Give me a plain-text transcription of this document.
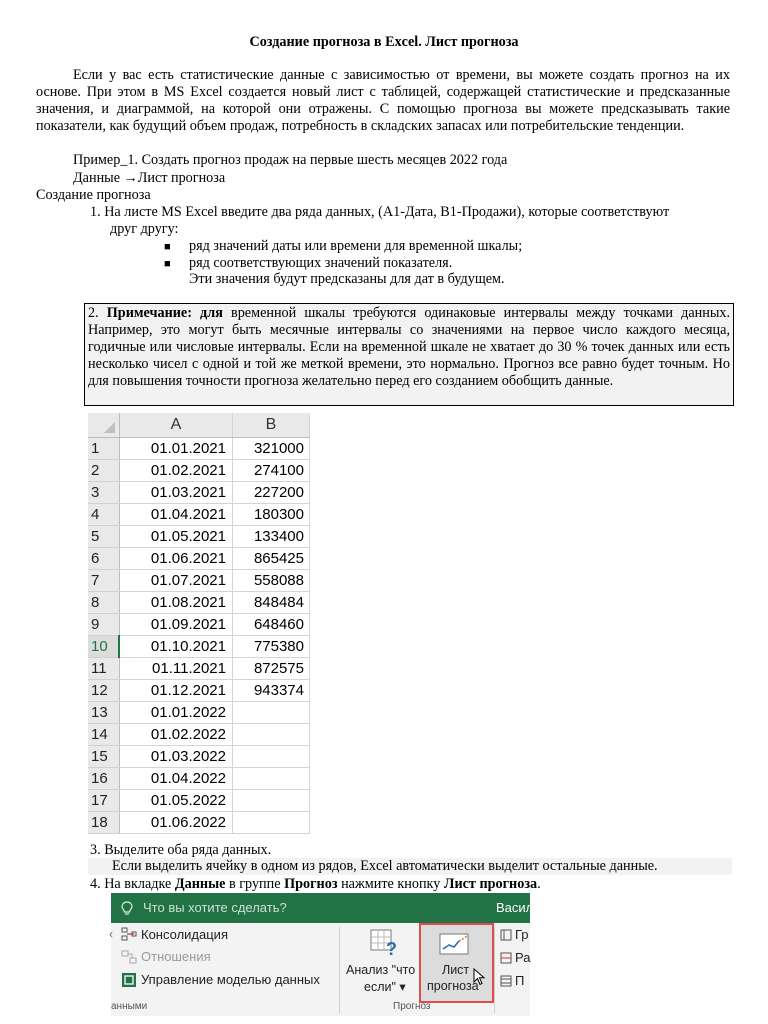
Создание прогноза в Excel. Лист прогноза
Если у вас есть статистические данные с зависимостью от времени, вы можете создать прогноз на их основе. При этом в MS Excel создается новый лист с таблицей, содержащей статистические и предсказанные значения, и диаграммой, на которой они отражены. С помощью прогноза вы можете предсказывать такие показатели, как будущий объем продаж, потребность в складских запасах или потребительские тенденции.
Пример_1. Создать прогноз продаж на первые шесть месяцев 2022 года
Данные →Лист прогноза
Создание прогноза
1. На листе MS Excel введите два ряда данных, (А1-Дата, В1-Продажи), которые соответствуют
друг другу:
■ ряд значений даты или времени для временной шкалы;
■ ряд соответствующих значений показателя.
Эти значения будут предсказаны для дат в будущем.
2. Примечание: для временной шкалы требуются одинаковые интервалы между точками данных. Например, это могут быть месячные интервалы со значениями на первое число каждого месяца, годичные или числовые интервалы. Если на временной шкале не хватает до 30 % точек данных или есть несколько чисел с одной и той же меткой времени, это нормально. Прогноз все равно будет точным. Но для повышения точности прогноза желательно перед его созданием обобщить данные.
	A	B
1	01.01.2021	321000
2	01.02.2021	274100
3	01.03.2021	227200
4	01.04.2021	180300
5	01.05.2021	133400
6	01.06.2021	865425
7	01.07.2021	558088
8	01.08.2021	848484
9	01.09.2021	648460
10	01.10.2021	775380
11	01.11.2021	872575
12	01.12.2021	943374
13	01.01.2022	
14	01.02.2022	
15	01.03.2022	
16	01.04.2022	
17	01.05.2022	
18	01.06.2022	
3. Выделите оба ряда данных.
Если выделить ячейку в одном из рядов, Excel автоматически выделит остальные данные.
4. На вкладке Данные в группе Прогноз нажмите кнопку Лист прогноза.
Что вы хотите сделать?	Васил
‹ Консолидация
Отношения
Управление моделью данных
анными
?
Анализ "что
если" ▾
Лист
прогноза
Прогноз
Гр
Ра
П
